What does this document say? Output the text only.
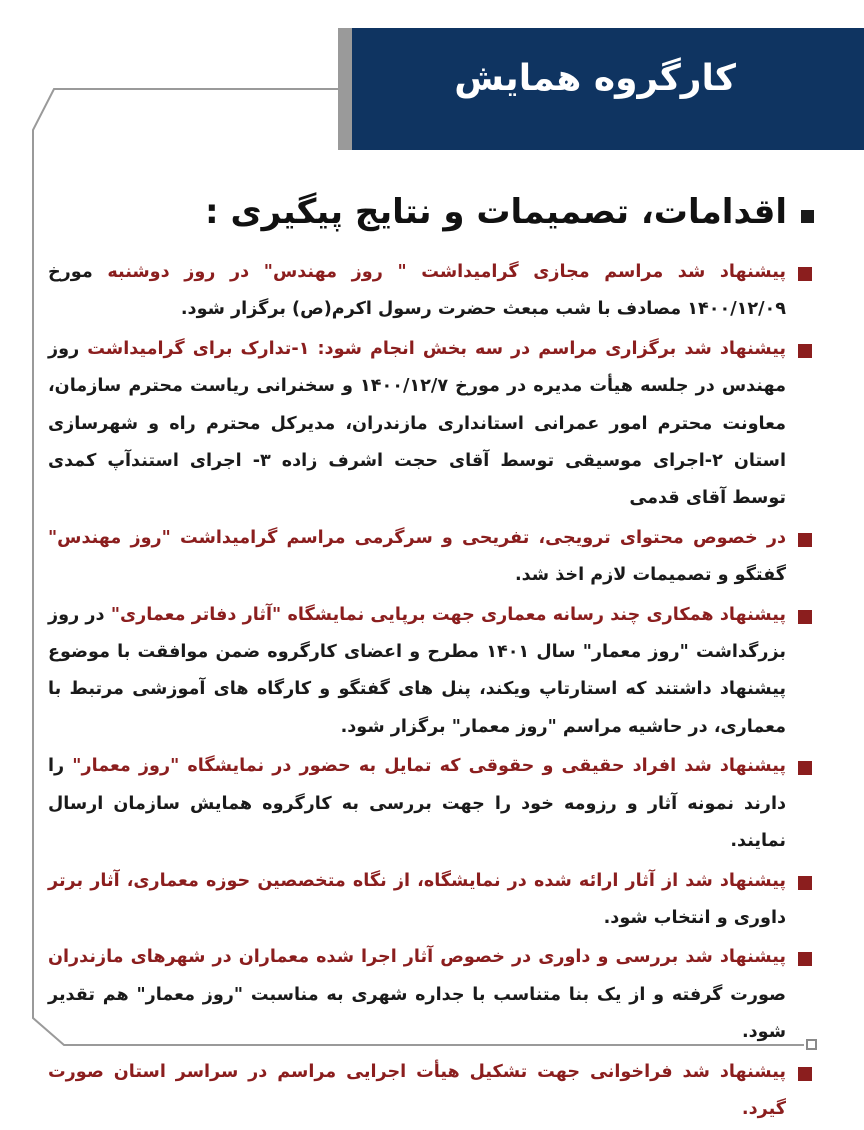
کارگروه همایش
اقدامات، تصمیمات و نتایج پیگیری :
پیشنهاد شد مراسم مجازی گرامیداشت " روز مهندس" در روز دوشنبه مورخ ۱۴۰۰/۱۲/۰۹ مصادف با شب مبعث حضرت رسول اکرم(ص) برگزار شود.
پیشنهاد شد برگزاری مراسم در سه بخش انجام شود: ۱-تدارک برای گرامیداشت روز مهندس در جلسه هیأت مدیره در مورخ ۱۴۰۰/۱۲/۷ و سخنرانی ریاست محترم سازمان، معاونت محترم امور عمرانی استانداری مازندران، مدیرکل محترم راه و شهرسازی استان ۲-اجرای موسیقی توسط آقای حجت اشرف زاده ۳- اجرای استندآپ کمدی توسط آقای قدمی
در خصوص محتوای ترویجی، تفریحی و سرگرمی مراسم گرامیداشت "روز مهندس" گفتگو و تصمیمات لازم اخذ شد.
پیشنهاد همکاری چند رسانه معماری جهت برپایی نمایشگاه "آثار دفاتر معماری" در روز بزرگداشت "روز معمار" سال ۱۴۰۱ مطرح و اعضای کارگروه ضمن موافقت با موضوع پیشنهاد داشتند که استارتاپ ویکند، پنل های گفتگو و کارگاه های آموزشی مرتبط با معماری، در حاشیه مراسم "روز معمار" برگزار شود.
پیشنهاد شد افراد حقیقی و حقوقی که تمایل به حضور در نمایشگاه "روز معمار" را دارند نمونه آثار و رزومه خود را جهت بررسی به کارگروه همایش سازمان ارسال نمایند.
پیشنهاد شد از آثار ارائه شده در نمایشگاه، از نگاه متخصصین حوزه معماری، آثار برتر داوری و انتخاب شود.
پیشنهاد شد بررسی و داوری در خصوص آثار اجرا شده معماران در شهرهای مازندران صورت گرفته و از یک بنا متناسب با جداره شهری به مناسبت "روز معمار" هم تقدیر شود.
پیشنهاد شد فراخوانی جهت تشکیل هیأت اجرایی مراسم در سراسر استان صورت گیرد.
